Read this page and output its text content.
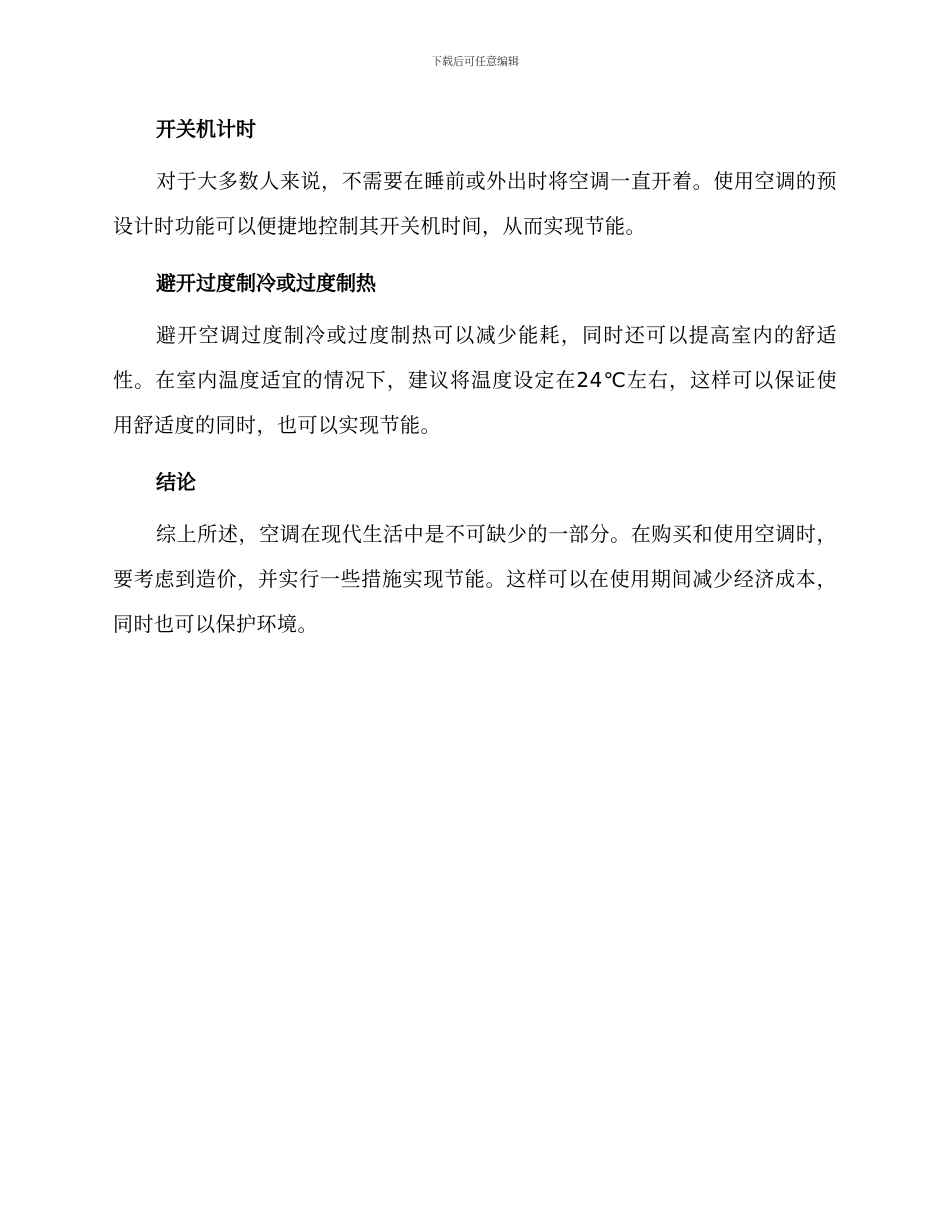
下载后可任意编辑
开关机计时

对于大多数人来说，不需要在睡前或外出时将空调一直开着。使用空调的预设计时功能可以便捷地控制其开关机时间，从而实现节能。

避开过度制冷或过度制热

避开空调过度制冷或过度制热可以减少能耗，同时还可以提高室内的舒适性。在室内温度适宜的情况下，建议将温度设定在24℃左右，这样可以保证使用舒适度的同时，也可以实现节能。

结论

综上所述，空调在现代生活中是不可缺少的一部分。在购买和使用空调时，要考虑到造价，并实行一些措施实现节能。这样可以在使用期间减少经济成本，同时也可以保护环境。
